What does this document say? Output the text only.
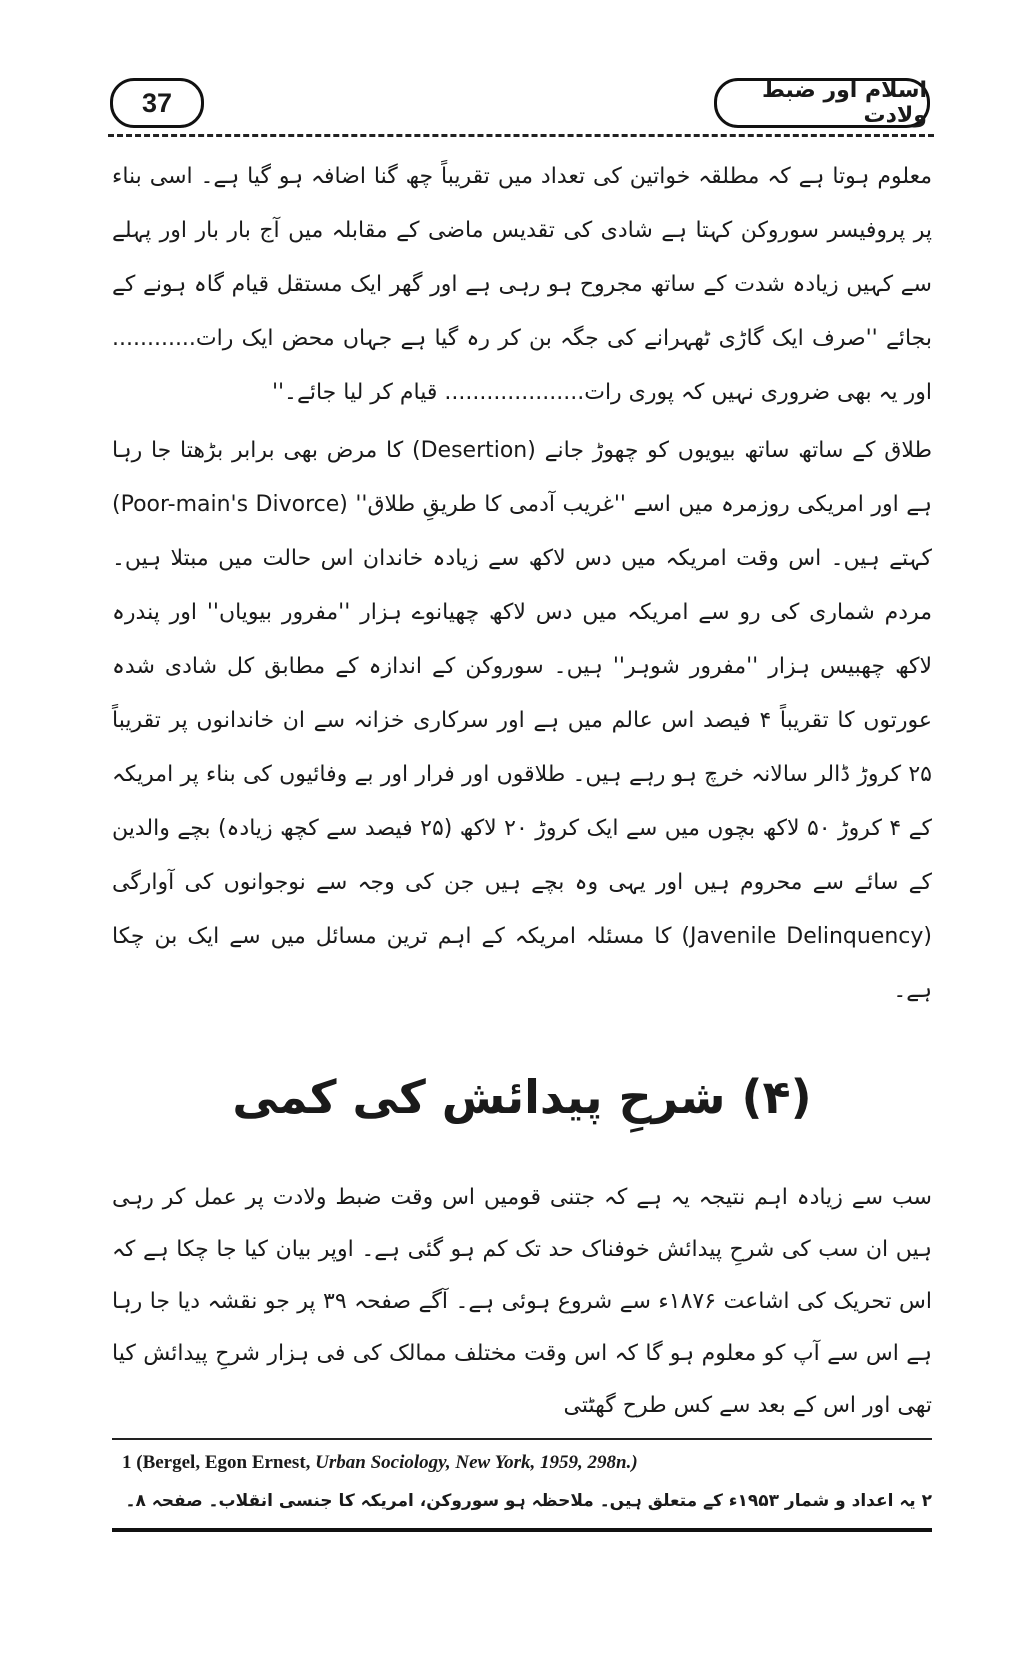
37	اسلام اور ضبط ولادت

معلوم ہوتا ہے کہ مطلقہ خواتین کی تعداد میں تقریباً چھ گنا اضافہ ہو گیا ہے۔ اسی بناء پر پروفیسر سوروکن کہتا ہے شادی کی تقدیس ماضی کے مقابلہ میں آج بار بار اور پہلے سے کہیں زیادہ شدت کے ساتھ مجروح ہو رہی ہے اور گھر ایک مستقل قیام گاہ ہونے کے بجائے ''صرف ایک گاڑی ٹھہرانے کی جگہ بن کر رہ گیا ہے جہاں محض ایک رات............ اور یہ بھی ضروری نہیں کہ پوری رات.................... قیام کر لیا جائے۔''

طلاق کے ساتھ ساتھ بیویوں کو چھوڑ جانے (Desertion) کا مرض بھی برابر بڑھتا جا رہا ہے اور امریکی روزمرہ میں اسے ''غریب آدمی کا طریقِ طلاق'' (Poor-main's Divorce) کہتے ہیں۔ اس وقت امریکہ میں دس لاکھ سے زیادہ خاندان اس حالت میں مبتلا ہیں۔ مردم شماری کی رو سے امریکہ میں دس لاکھ چھیانوے ہزار ''مفرور بیویاں'' اور پندرہ لاکھ چھبیس ہزار ''مفرور شوہر'' ہیں۔ سوروکن کے اندازہ کے مطابق کل شادی شدہ عورتوں کا تقریباً ۴ فیصد اس عالم میں ہے اور سرکاری خزانہ سے ان خاندانوں پر تقریباً ۲۵ کروڑ ڈالر سالانہ خرچ ہو رہے ہیں۔ طلاقوں اور فرار اور بے وفائیوں کی بناء پر امریکہ کے ۴ کروڑ ۵۰ لاکھ بچوں میں سے ایک کروڑ ۲۰ لاکھ (۲۵ فیصد سے کچھ زیادہ) بچے والدین کے سائے سے محروم ہیں اور یہی وہ بچے ہیں جن کی وجہ سے نوجوانوں کی آوارگی (Javenile Delinquency) کا مسئلہ امریکہ کے اہم ترین مسائل میں سے ایک بن چکا ہے۔

(۴) شرحِ پیدائش کی کمی

سب سے زیادہ اہم نتیجہ یہ ہے کہ جتنی قومیں اس وقت ضبط ولادت پر عمل کر رہی ہیں ان سب کی شرحِ پیدائش خوفناک حد تک کم ہو گئی ہے۔ اوپر بیان کیا جا چکا ہے کہ اس تحریک کی اشاعت ۱۸۷۶ء سے شروع ہوئی ہے۔ آگے صفحہ ۳۹ پر جو نقشہ دیا جا رہا ہے اس سے آپ کو معلوم ہو گا کہ اس وقت مختلف ممالک کی فی ہزار شرحِ پیدائش کیا تھی اور اس کے بعد سے کس طرح گھٹتی

1 (Bergel, Egon Ernest, Urban Sociology, New York, 1959, 298n.)
۲ یہ اعداد و شمار ۱۹۵۳ء کے متعلق ہیں۔ ملاحظہ ہو سوروکن، امریکہ کا جنسی انقلاب۔ صفحہ ۸۔
